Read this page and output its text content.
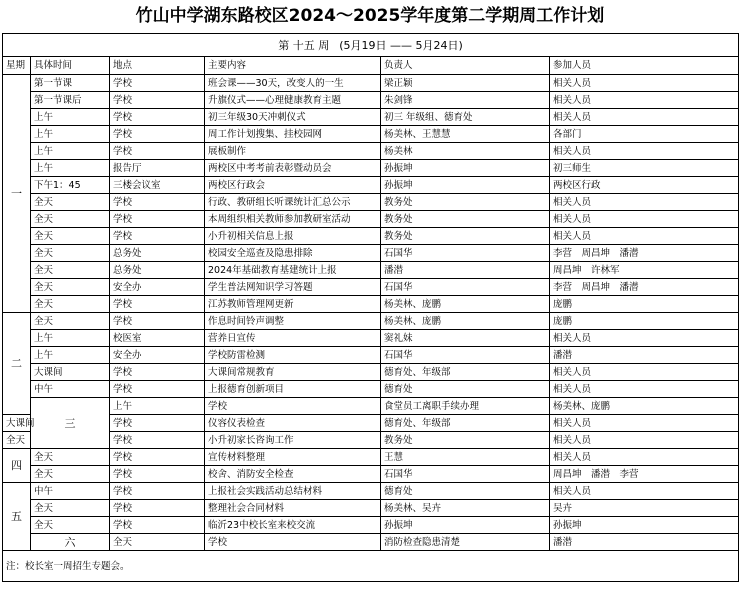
竹山中学湖东路校区2024～2025学年度第二学期周工作计划
第 十五 周 (5月19日 —— 5月24日)						
星期	具体时间	地点	主要内容	负责人	参加人员	
一	第一节课	学校	班会课——30天，改变人的一生	梁正颖	相关人员	
	第一节课后	学校	升旗仪式——心理健康教育主题	朱剑锋	相关人员	
	上午	学校	初三年级30天冲刺仪式	初三 年级组、德育处	相关人员	
	上午	学校	周工作计划搜集、挂校园网	杨美林、王慧慧	各部门	
	上午	学校	展板制作	杨美林	相关人员	
	上午	报告厅	两校区中考考前表彰暨动员会	孙振坤	初三师生	
	下午1：45	三楼会议室	两校区行政会	孙振坤	两校区行政	
	全天	学校	行政、教研组长听课统计汇总公示	教务处	相关人员	
	全天	学校	本周组织相关教师参加教研室活动	教务处	相关人员	
	全天	学校	小升初相关信息上报	教务处	相关人员	
	全天	总务处	校园安全巡查及隐患排除	石国华	李营　周昌坤　潘潜	
	全天	总务处	2024年基础教育基建统计上报	潘潜	周昌坤　许林军	
	全天	安全办	学生普法网知识学习答题	石国华	李营　周昌坤　潘潜	
	全天	学校	江苏教师管理网更新	杨美林、庞鹏	庞鹏	
二	全天	学校	作息时间铃声调整	杨美林、庞鹏	庞鹏	
	上午	校医室	营养日宣传	窦礼妹	相关人员	
	上午	安全办	学校防雷检测	石国华	潘潜	
	大课间	学校	大课间常规教育	德育处、年级部	相关人员	
	中午	学校	上报德育创新项目	德育处	相关人员	
	三	上午	学校	食堂员工离职手续办理	杨美林、庞鹏	
大课间		学校	仪容仪表检查	德育处、年级部	相关人员	
全天		学校	小升初家长咨询工作	教务处	相关人员	
四	全天	学校	宣传材料整理	王慧	相关人员	
	全天	学校	校舍、消防安全检查	石国华	周昌坤　潘潜　李营	
五	中午	学校	上报社会实践活动总结材料	德育处	相关人员	
	全天	学校	整理社会合同材料	杨美林、吴卉	吴卉	
	全天	学校	临沂23中校长室来校交流	孙振坤	孙振坤	
	六	全天	学校	消防检查隐患清楚	潘潜	
注：校长室一周招生专题会。						
